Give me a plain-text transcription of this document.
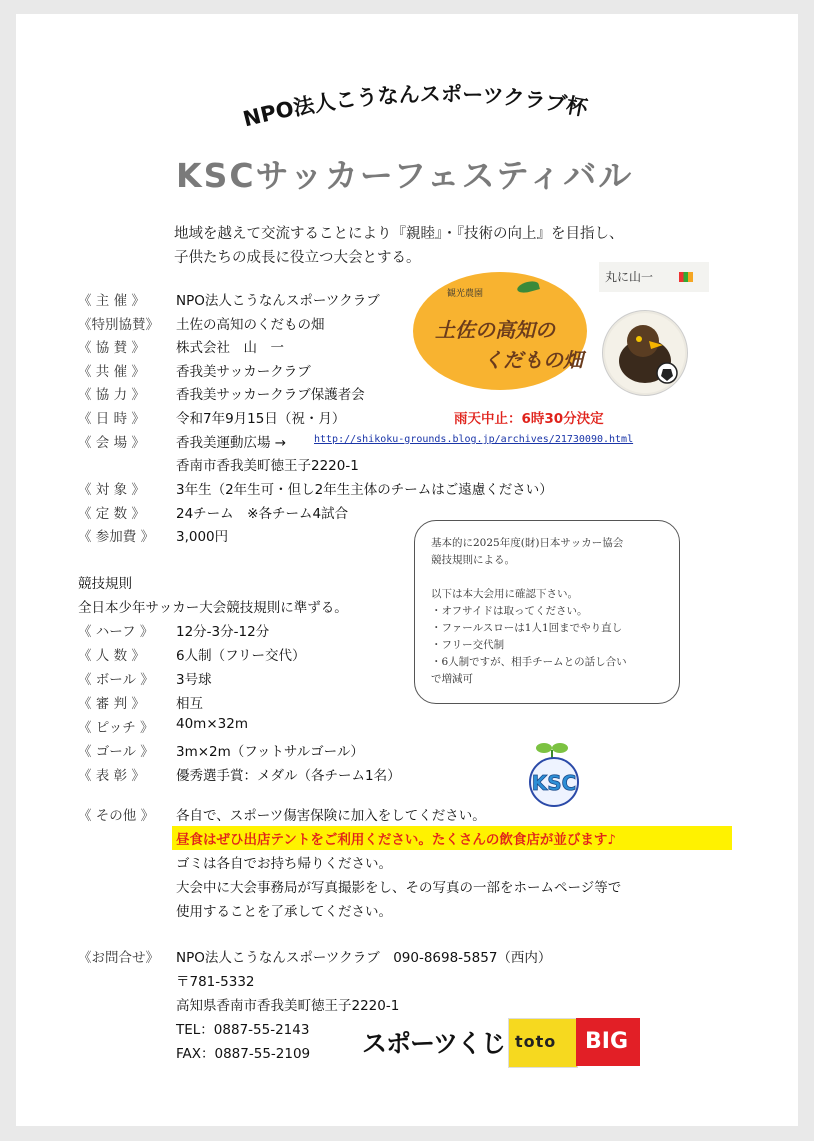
NPO法人こうなんスポーツクラブ杯
KSCサッカーフェスティバル
地域を越えて交流することにより『親睦』・『技術の向上』を目指し、
子供たちの成長に役立つ大会とする。
《 主 催 》	NPO法人こうなんスポーツクラブ
《特別協賛》	土佐の高知のくだもの畑
《 協 賛 》	株式会社　山　一
《 共 催 》	香我美サッカークラブ
《 協 力 》	香我美サッカークラブ保護者会
《 日 時 》	令和7年9月15日（祝・月）	雨天中止：6時30分決定
《 会 場 》	香我美運動広場 →	http://shikoku-grounds.blog.jp/archives/21730090.html
香南市香我美町徳王子2220-1
《 対 象 》	3年生（2年生可・但し2年生主体のチームはご遠慮ください）
《 定 数 》	24チーム　※各チーム4試合
《 参加費 》	3,000円
競技規則
全日本少年サッカー大会競技規則に準ずる。
《 ハーフ 》	12分-3分-12分
《 人 数 》	6人制（フリー交代）
《 ボール 》	3号球
《 審 判 》	相互
《 ピッチ 》	40m×32m
《 ゴール 》	3m×2m（フットサルゴール）
《 表 彰 》	優秀選手賞：メダル（各チーム1名）
基本的に2025年度(財)日本サッカー協会
競技規則による。
以下は本大会用に確認下さい。
・オフサイドは取ってください。
・ファールスローは1人1回までやり直し
・フリー交代制
・6人制ですが、相手チームとの話し合い
で増減可
《 その他 》	各自で、スポーツ傷害保険に加入をしてください。
昼食はぜひ出店テントをご利用ください。たくさんの飲食店が並びます♪
ゴミは各自でお持ち帰りください。
大会中に大会事務局が写真撮影をし、その写真の一部をホームページ等で
使用することを了承してください。
《お問合せ》	NPO法人こうなんスポーツクラブ　090-8698-5857（西内）
〒781-5332
高知県香南市香我美町徳王子2220-1
TEL：0887-55-2143
FAX：0887-55-2109
丸に山一
観光農園
土佐の高知の
くだもの畑
KSC
スポーツくじ toto BIG
